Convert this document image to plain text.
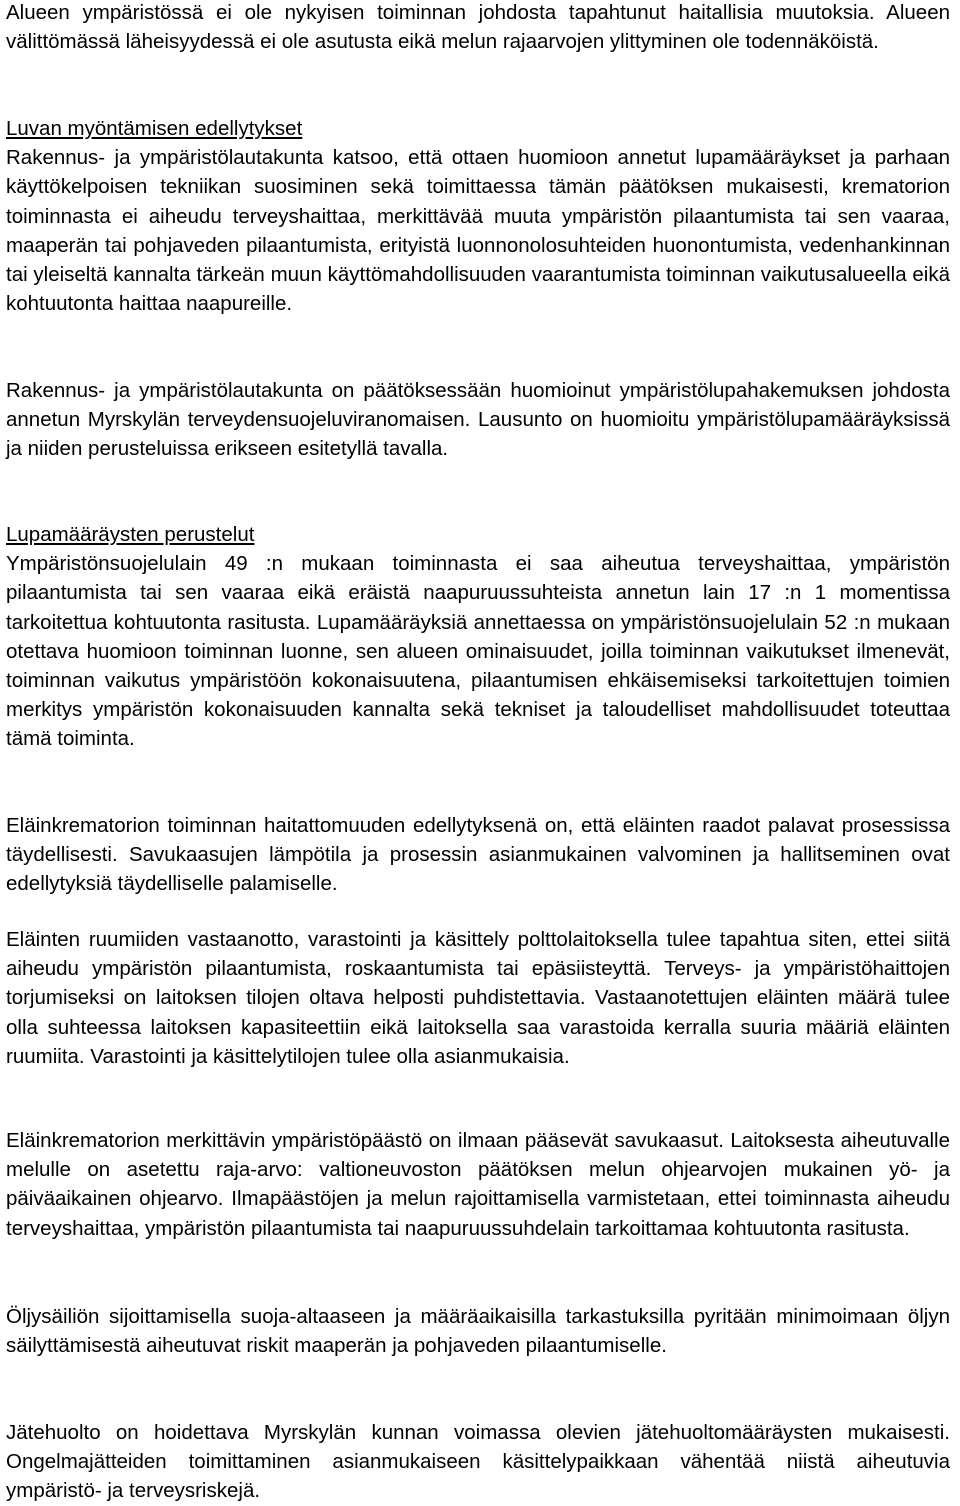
Alueen ympäristössä ei ole nykyisen toiminnan johdosta tapahtunut haitallisia muutoksia. Alueen välittömässä läheisyydessä ei ole asutusta eikä melun rajaarvojen ylittyminen ole todennäköistä.

Luvan myöntämisen edellytykset

Rakennus- ja ympäristölautakunta katsoo, että ottaen huomioon annetut lupamääräykset ja parhaan käyttökelpoisen tekniikan suosiminen sekä toimittaessa tämän päätöksen mukaisesti, krematorion toiminnasta ei aiheudu terveyshaittaa, merkittävää muuta ympäristön pilaantumista tai sen vaaraa, maaperän tai pohjaveden pilaantumista, erityistä luonnonolosuhteiden huonontumista, vedenhankinnan tai yleiseltä kannalta tärkeän muun käyttömahdollisuuden vaarantumista toiminnan vaikutusalueella eikä kohtuutonta haittaa naapureille.

Rakennus- ja ympäristölautakunta on päätöksessään huomioinut ympäristölupahakemuksen johdosta annetun Myrskylän terveydensuojeluviranomaisen. Lausunto on huomioitu ympäristölupamääräyksissä ja niiden perusteluissa erikseen esitetyllä tavalla.

Lupamääräysten perustelut

Ympäristönsuojelulain 49 :n mukaan toiminnasta ei saa aiheutua terveyshaittaa, ympäristön pilaantumista tai sen vaaraa eikä eräistä naapuruussuhteista annetun lain 17 :n 1 momentissa tarkoitettua kohtuutonta rasitusta. Lupamääräyksiä annettaessa on ympäristönsuojelulain 52 :n mukaan otettava huomioon toiminnan luonne, sen alueen ominaisuudet, joilla toiminnan vaikutukset ilmenevät, toiminnan vaikutus ympäristöön kokonaisuutena, pilaantumisen ehkäisemiseksi tarkoitettujen toimien merkitys ympäristön kokonaisuuden kannalta sekä tekniset ja taloudelliset mahdollisuudet toteuttaa tämä toiminta.

Eläinkrematorion toiminnan haitattomuuden edellytyksenä on, että eläinten raadot palavat prosessissa täydellisesti. Savukaasujen lämpötila ja prosessin asianmukainen valvominen ja hallitseminen ovat edellytyksiä täydelliselle palamiselle.

Eläinten ruumiiden vastaanotto, varastointi ja käsittely polttolaitoksella tulee tapahtua siten, ettei siitä aiheudu ympäristön pilaantumista, roskaantumista tai epäsiisteyttä. Terveys- ja ympäristöhaittojen torjumiseksi on laitoksen tilojen oltava helposti puhdistettavia. Vastaanotettujen eläinten määrä tulee olla suhteessa laitoksen kapasiteettiin eikä laitoksella saa varastoida kerralla suuria määriä eläinten ruumiita. Varastointi ja käsittelytilojen tulee olla asianmukaisia.

Eläinkrematorion merkittävin ympäristöpäästö on ilmaan pääsevät savukaasut. Laitoksesta aiheutuvalle melulle on asetettu raja-arvo: valtioneuvoston päätöksen melun ohjearvojen mukainen yö- ja päiväaikainen ohjearvo. Ilmapäästöjen ja melun rajoittamisella varmistetaan, ettei toiminnasta aiheudu terveyshaittaa, ympäristön pilaantumista tai naapuruussuhdelain tarkoittamaa kohtuutonta rasitusta.

Öljysäiliön sijoittamisella suoja-altaaseen ja määräaikaisilla tarkastuksilla pyritään minimoimaan öljyn säilyttämisestä aiheutuvat riskit maaperän ja pohjaveden pilaantumiselle.

Jätehuolto on hoidettava Myrskylän kunnan voimassa olevien jätehuoltomääräysten mukaisesti. Ongelmajätteiden toimittaminen asianmukaiseen käsittelypaikkaan vähentää niistä aiheutuvia ympäristö- ja terveysriskejä.
